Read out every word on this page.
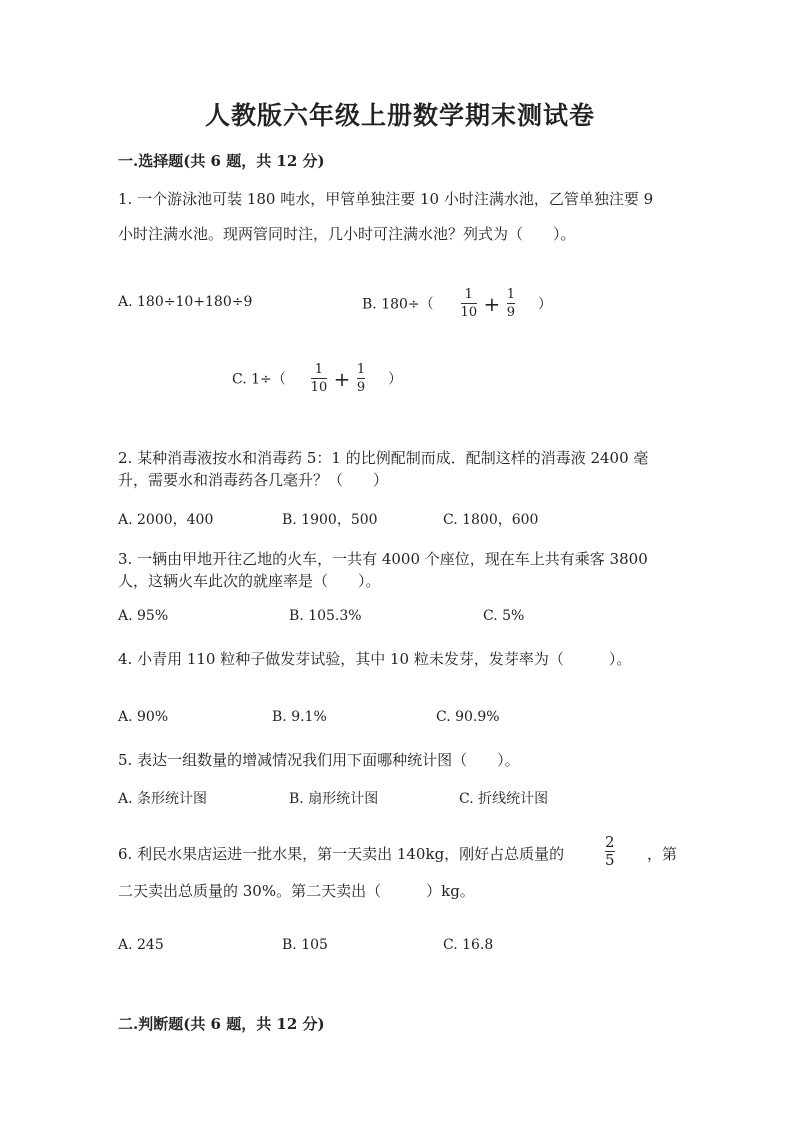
人教版六年级上册数学期末测试卷
一.选择题(共 6 题，共 12 分)
1. 一个游泳池可装 180 吨水，甲管单独注要 10 小时注满水池，乙管单独注要 9
小时注满水池。现两管同时注，几小时可注满水池？列式为（　　）。
A. 180÷10+180÷9	B. $180\div( \frac{1}{10} + \frac{1}{9}$ ）
C. $1\div( \frac{1}{10} + \frac{1}{9}$ ）
2. 某种消毒液按水和消毒药 5：1 的比例配制而成．配制这样的消毒液 2400 毫
升，需要水和消毒药各几毫升？（　　）
A. 2000，400	B. 1900，500	C. 1800，600
3. 一辆由甲地开往乙地的火车，一共有 4000 个座位，现在车上共有乘客 3800
人，这辆火车此次的就座率是（　　）。
A. 95%	B. 105.3%	C. 5%
4. 小青用 110 粒种子做发芽试验，其中 10 粒未发芽，发芽率为（　　　）。
A. 90%	B. 9.1%	C. 90.9%
5. 表达一组数量的增减情况我们用下面哪种统计图（　　）。
A. 条形统计图	B. 扇形统计图	C. 折线统计图
6. 利民水果店运进一批水果，第一天卖出 140kg，刚好占总质量的	$\frac{2}{5}$ ，第
二天卖出总质量的 30%。第二天卖出（　　　）kg。
A. 245	B. 105	C. 16.8
二.判断题(共 6 题，共 12 分)
